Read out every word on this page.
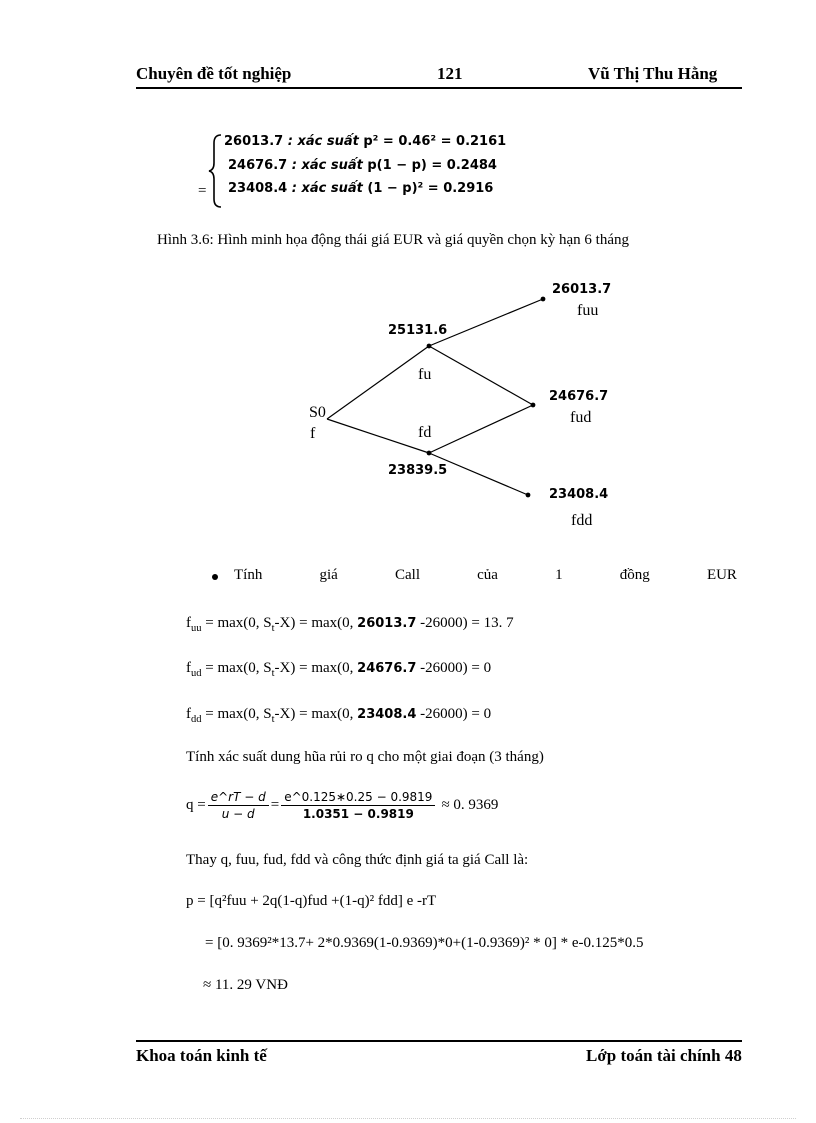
Chuyên đề tốt nghiệp	121	Vũ Thị Thu Hằng
=
26013.7 : xác suất p² = 0.46² = 0.2161
24676.7 : xác suất p(1 − p) = 0.2484
23408.4 : xác suất (1 − p)² = 0.2916
Hình 3.6: Hình minh họa động thái giá EUR và giá quyền chọn kỳ hạn 6 tháng
S0
f
25131.6
fu
fd
23839.5
26013.7
fuu
24676.7
fud
23408.4
fdd
Tính	giá	Call	của	1	đồng	EUR
$f_{uu} = \max(0$, $S_t-X) = \max(0$, 26013.7 -26000) = 13. 7
$f_{ud} = \max(0$, $S_t-X) = \max(0$, 24676.7 -26000) = 0
$f_{dd} = \max(0$, $S_t-X) = \max(0$, 23408.4 -26000) = 0
Tính xác suất dung hũa rủi ro q cho một giai đoạn (3 tháng)
$q = \frac{e\^{}rT - d}{u - d} = \frac{e\^{}0.125∗0.25 - 0.9819}{1.0351 - 0.9819} \approx 0$. 9369
Thay q, fuu, fud, fdd và công thức định giá ta giá Call là:
p = [q²fuu + 2q(1-q)fud +(1-q)² fdd] e -rT
= [0. 9369²*13.7+ 2*0.9369(1-0.9369)*0+(1-0.9369)² * 0] * e-0.125*0.5
≈ 11. 29 VNĐ
Khoa toán kinh tế	Lớp toán tài chính 48
